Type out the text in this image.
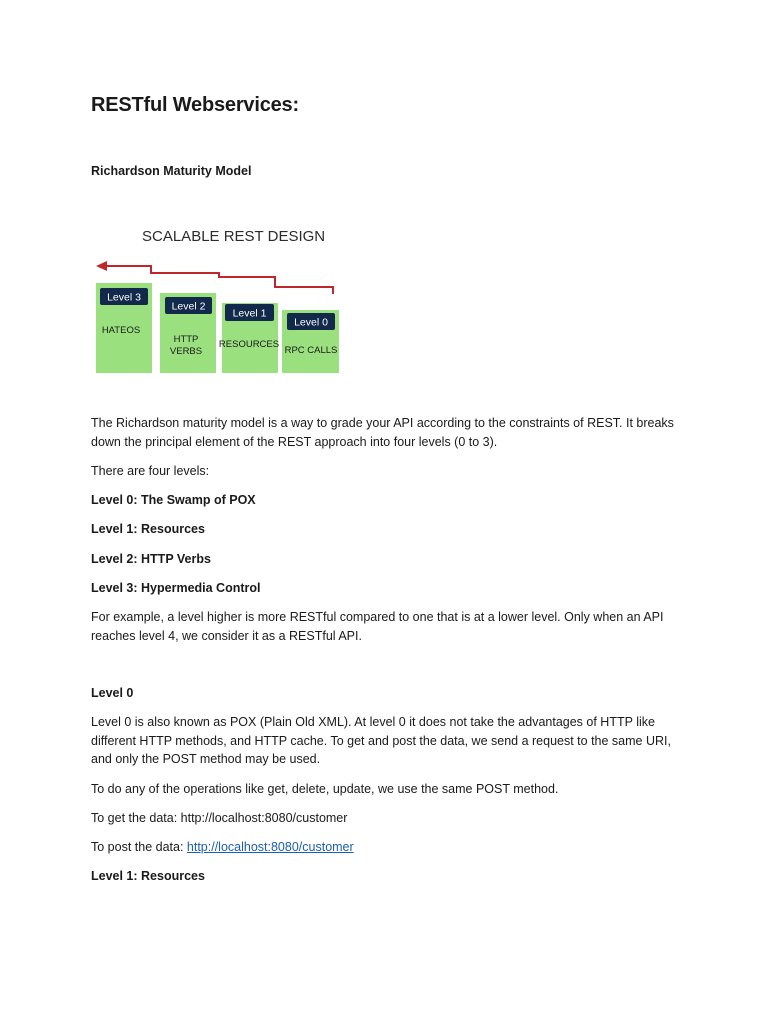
RESTful Webservices:
Richardson Maturity Model
SCALABLE REST DESIGN
Level 3
HATEOS
Level 2
HTTP
VERBS
Level 1
RESOURCES
Level 0
RPC CALLS
The Richardson maturity model is a way to grade your API according to the constraints of REST. It breaks down the principal element of the REST approach into four levels (0 to 3).
There are four levels:
Level 0: The Swamp of POX
Level 1: Resources
Level 2: HTTP Verbs
Level 3: Hypermedia Control
For example, a level higher is more RESTful compared to one that is at a lower level. Only when an API reaches level 4, we consider it as a RESTful API.
Level 0
Level 0 is also known as POX (Plain Old XML). At level 0 it does not take the advantages of HTTP like different HTTP methods, and HTTP cache. To get and post the data, we send a request to the same URI, and only the POST method may be used.
To do any of the operations like get, delete, update, we use the same POST method.
To get the data: http://localhost:8080/customer
To post the data: http://localhost:8080/customer
Level 1: Resources
